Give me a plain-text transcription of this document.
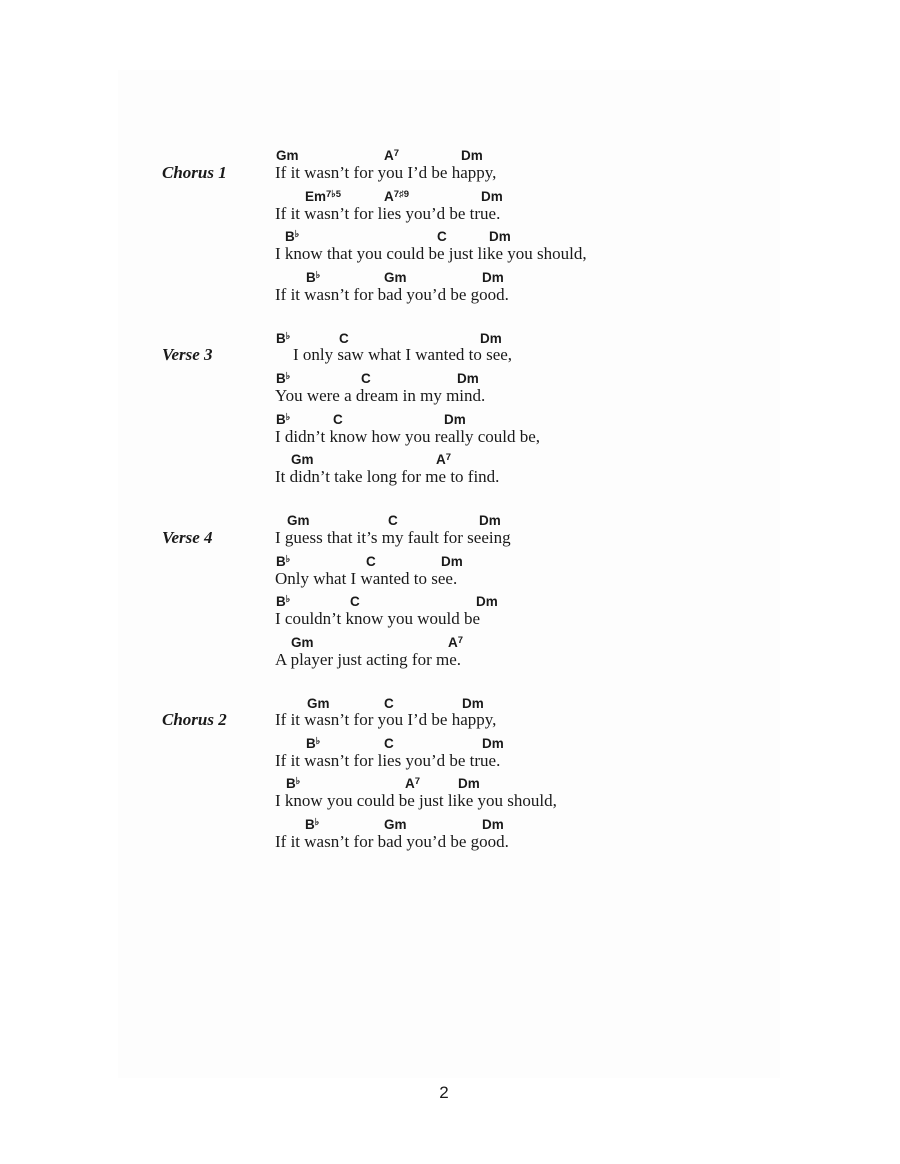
Chorus 1
Gm	$A^7$	Dm
If it wasn’t for you I’d be happy,
$Em^{7♭5}$	$A^{7♯9}$	Dm
If it wasn’t for lies you’d be true.
B♭	C	Dm
I know that you could be just like you should,
B♭	Gm	Dm
If it wasn’t for bad you’d be good.
Verse 3
B♭	C	Dm
I only saw what I wanted to see,
B♭	C	Dm
You were a dream in my mind.
B♭	C	Dm
I didn’t know how you really could be,
Gm	$A^7$
It didn’t take long for me to find.
Verse 4
Gm	C	Dm
I guess that it’s my fault for seeing
B♭	C	Dm
Only what I wanted to see.
B♭	C	Dm
I couldn’t know you would be
Gm	$A^7$
A player just acting for me.
Chorus 2
Gm	C	Dm
If it wasn’t for you I’d be happy,
B♭	C	Dm
If it wasn’t for lies you’d be true.
B♭	$A^7$	Dm
I know you could be just like you should,
B♭	Gm	Dm
If it wasn’t for bad you’d be good.
2
